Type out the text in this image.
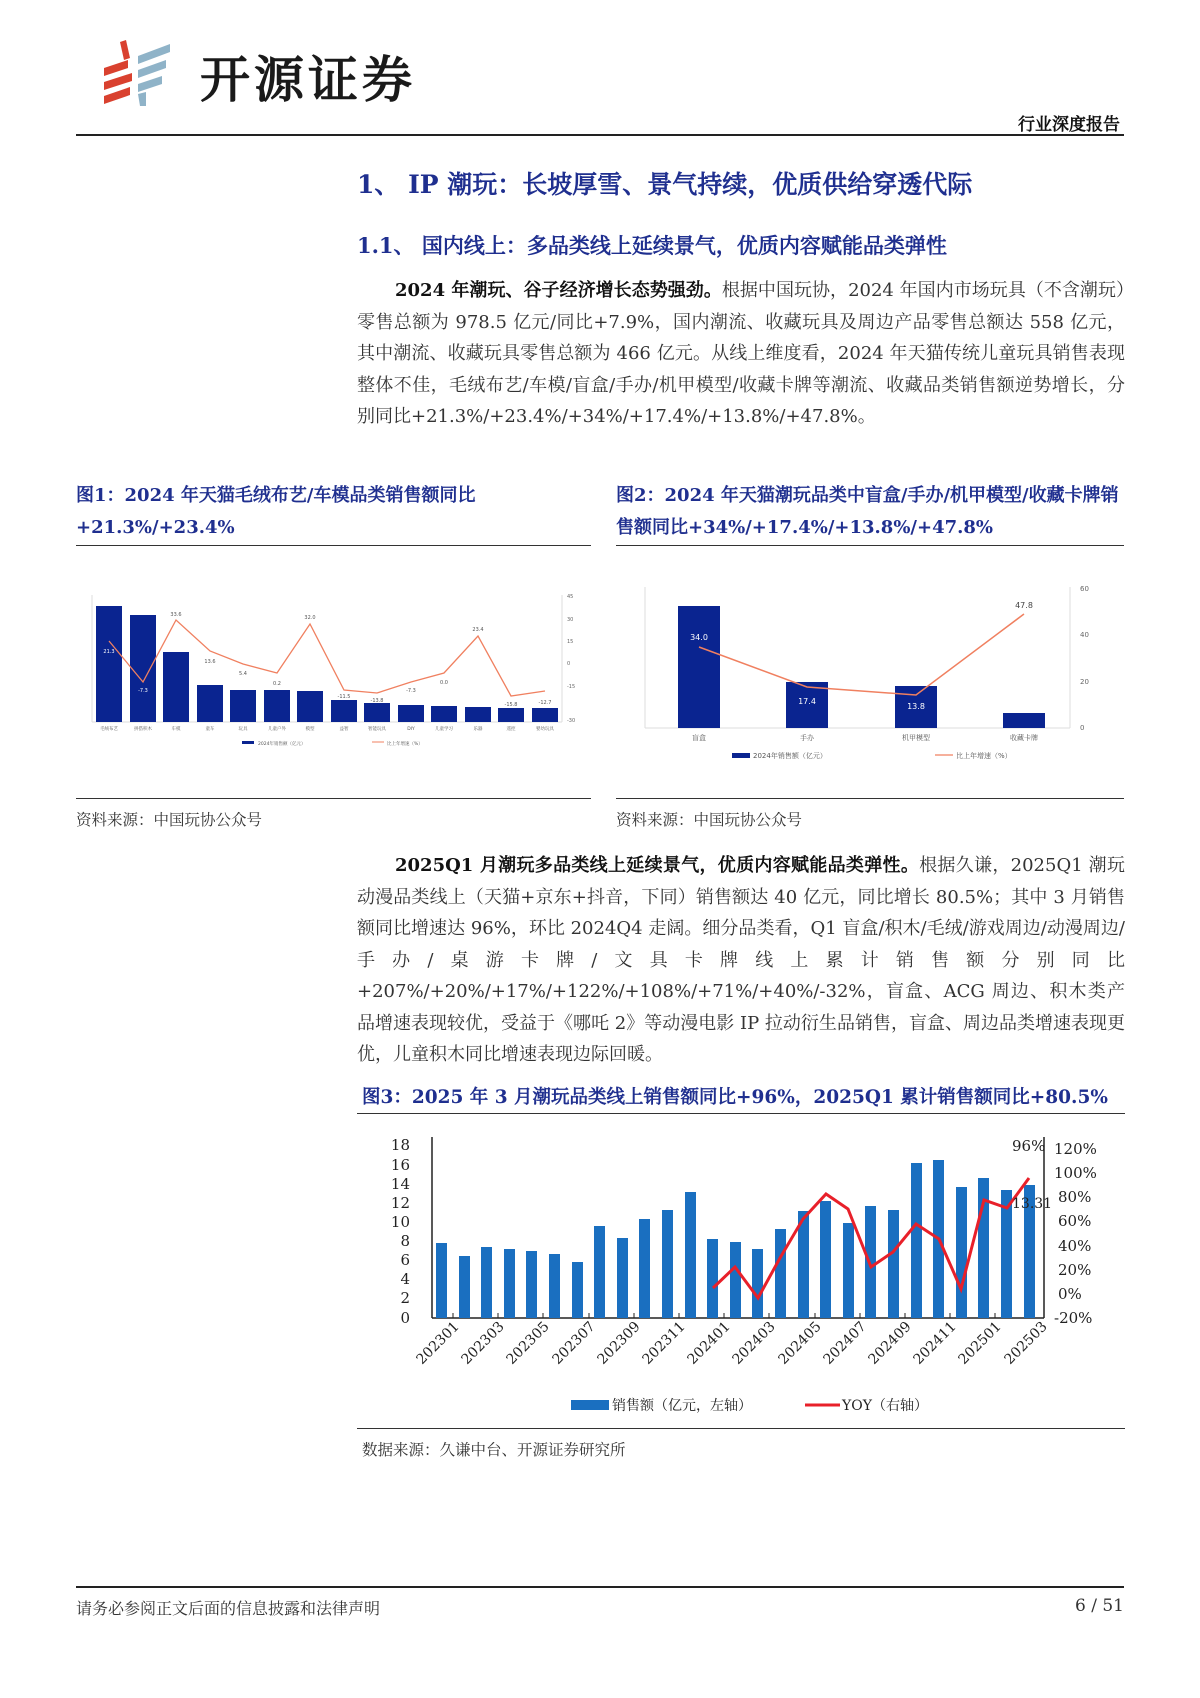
开源证券
行业深度报告
1、 IP 潮玩：长坡厚雪、景气持续，优质供给穿透代际
1.1、 国内线上：多品类线上延续景气，优质内容赋能品类弹性
2024 年潮玩、谷子经济增长态势强劲。根据中国玩协，2024 年国内市场玩具（不含潮玩）零售总额为 978.5 亿元/同比+7.9%，国内潮流、收藏玩具及周边产品零售总额达 558 亿元，其中潮流、收藏玩具零售总额为 466 亿元。从线上维度看，2024 年天猫传统儿童玩具销售表现整体不佳，毛绒布艺/车模/盲盒/手办/机甲模型/收藏卡牌等潮流、收藏品类销售额逆势增长，分别同比+21.3%/+23.4%/+34%/+17.4%/+13.8%/+47.8%。
图1：2024 年天猫毛绒布艺/车模品类销售额同比+21.3%/+23.4%
21.3
-7.3
33.6
13.6
5.4
0.2
32.0
-11.5
-13.8
-7.3
0.0
23.4
-15.8	-12.7
45
30
15
0
-15
-30
毛绒布艺	拼搭积木	车模	童车	玩具	儿童户外	模型	益智	智能玩具	DIY	儿童学习	乐器	遥控	婴幼玩具
2024年销售额（亿元）	比上年增速（%）
资料来源：中国玩协公众号
图2：2024 年天猫潮玩品类中盲盒/手办/机甲模型/收藏卡牌销售额同比+34%/+17.4%/+13.8%/+47.8%
34.0
17.4
13.8
47.8
60
40
20
0
盲盒	手办	机甲模型	收藏卡牌
2024年销售额（亿元）	比上年增速（%）
资料来源：中国玩协公众号
2025Q1 月潮玩多品类线上延续景气，优质内容赋能品类弹性。根据久谦，2025Q1 潮玩动漫品类线上（天猫+京东+抖音，下同）销售额达 40 亿元，同比增长 80.5%；其中 3 月销售额同比增速达 96%，环比 2024Q4 走阔。细分品类看，Q1 盲盒/积木/毛绒/游戏周边/动漫周边/手办/桌游卡牌/文具卡牌线上累计销售额分别同比+207%/+20%/+17%/+122%/+108%/+71%/+40%/-32%，盲盒、ACG 周边、积木类产品增速表现较优，受益于《哪吒 2》等动漫电影 IP 拉动衍生品销售，盲盒、周边品类增速表现更优，儿童积木同比增速表现边际回暖。
图3：2025 年 3 月潮玩品类线上销售额同比+96%，2025Q1 累计销售额同比+80.5%
0
2
4
6
8
10
12
14
16
18
-20%
0%
20%
40%
60%
80%
100%
120%
96%
13.31
202301
202303
202305
202307
202309
202311
202401
202403
202405
202407
202409
202411
202501
202503
销售额（亿元，左轴）	YOY（右轴）
数据来源：久谦中台、开源证券研究所
请务必参阅正文后面的信息披露和法律声明	6 / 51
